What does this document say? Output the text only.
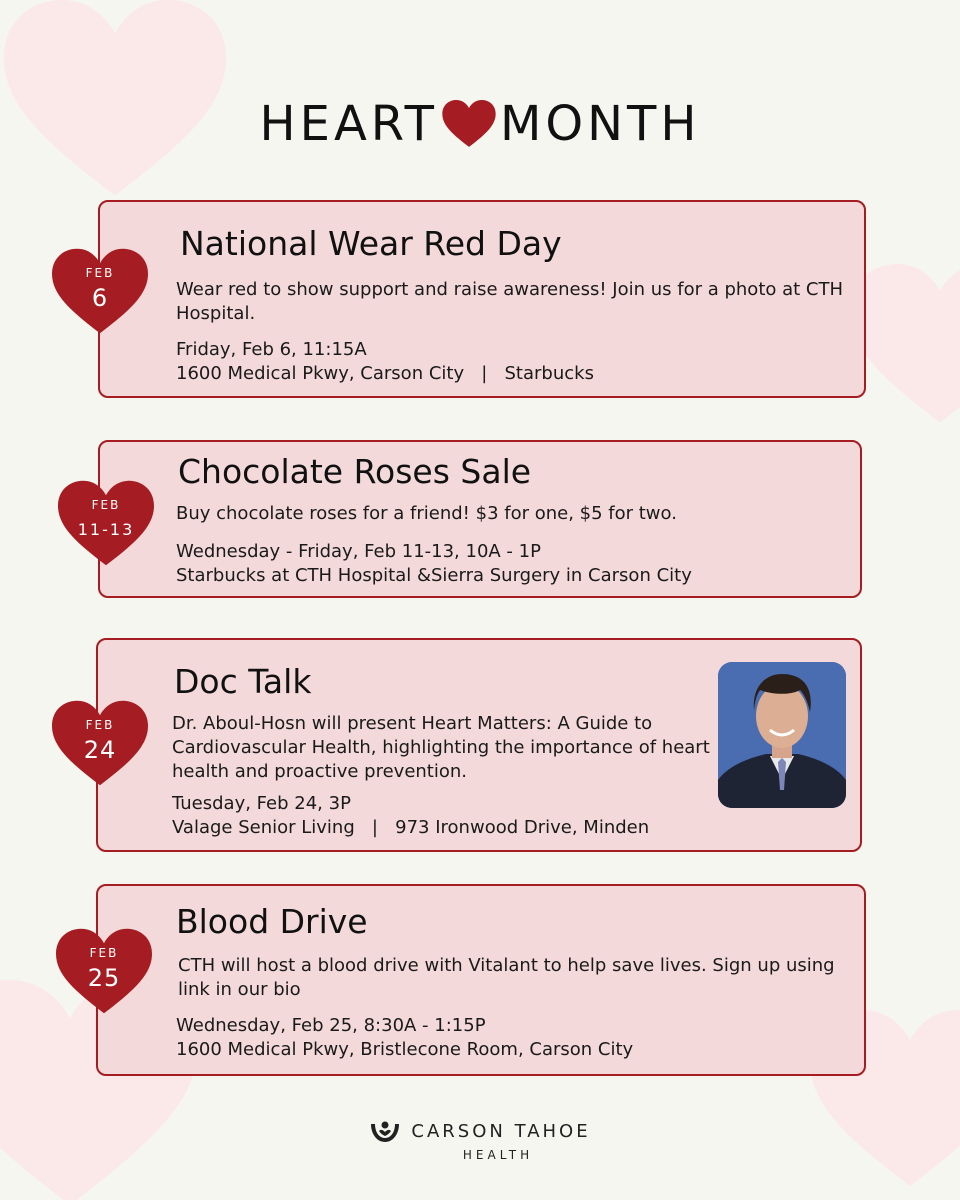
HEART MONTH
National Wear Red Day

Wear red to show support and raise awareness! Join us for a photo at CTH Hospital.

Friday, Feb 6, 11:15A

1600 Medical Pkwy, Carson City   |   Starbucks

FEB
6
Chocolate Roses Sale

Buy chocolate roses for a friend! $3 for one, $5 for two.

Wednesday - Friday, Feb 11-13, 10A - 1P

Starbucks at CTH Hospital &Sierra Surgery in Carson City

FEB
11-13
Doc Talk

Dr. Aboul-Hosn will present Heart Matters: A Guide to Cardiovascular Health, highlighting the importance of heart health and proactive prevention.

Tuesday, Feb 24, 3P

Valage Senior Living   |   973 Ironwood Drive, Minden

FEB
24
Blood Drive

CTH will host a blood drive with Vitalant to help save lives. Sign up using link in our bio

Wednesday, Feb 25, 8:30A - 1:15P

1600 Medical Pkwy, Bristlecone Room, Carson City

FEB
25
CARSON TAHOE
HEALTH
